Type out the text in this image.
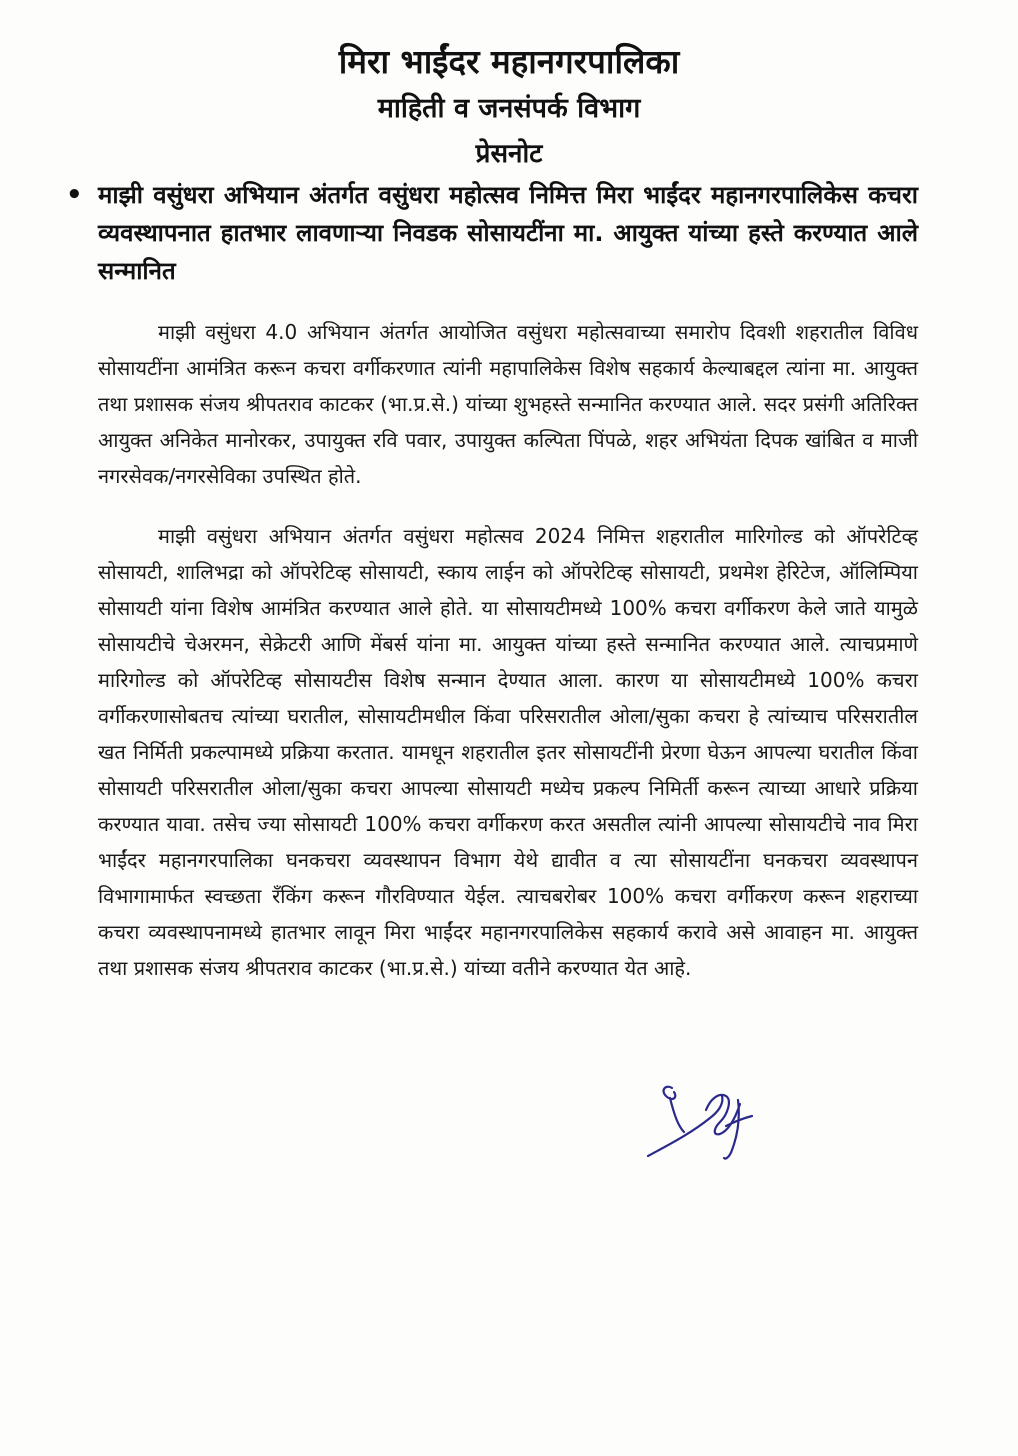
मिरा भाईंदर महानगरपालिका
माहिती व जनसंपर्क विभाग
प्रेसनोट
• माझी वसुंधरा अभियान अंतर्गत वसुंधरा महोत्सव निमित्त मिरा भाईंदर महानगरपालिकेस कचरा व्यवस्थापनात हातभार लावणाऱ्या निवडक सोसायटींना मा. आयुक्त यांच्या हस्ते करण्यात आले सन्मानित
माझी वसुंधरा 4.0 अभियान अंतर्गत आयोजित वसुंधरा महोत्सवाच्या समारोप दिवशी शहरातील विविध सोसायटींना आमंत्रित करून कचरा वर्गीकरणात त्यांनी महापालिकेस विशेष सहकार्य केल्याबद्दल त्यांना मा. आयुक्त तथा प्रशासक संजय श्रीपतराव काटकर (भा.प्र.से.) यांच्या शुभहस्ते सन्मानित करण्यात आले. सदर प्रसंगी अतिरिक्त आयुक्त अनिकेत मानोरकर, उपायुक्त रवि पवार, उपायुक्त कल्पिता पिंपळे, शहर अभियंता दिपक खांबित व माजी नगरसेवक/नगरसेविका उपस्थित होते.
माझी वसुंधरा अभियान अंतर्गत वसुंधरा महोत्सव 2024 निमित्त शहरातील मारिगोल्ड को ऑपरेटिव्ह सोसायटी, शालिभद्रा को ऑपरेटिव्ह सोसायटी, स्काय लाईन को ऑपरेटिव्ह सोसायटी, प्रथमेश हेरिटेज, ऑलिम्पिया सोसायटी यांना विशेष आमंत्रित करण्यात आले होते. या सोसायटीमध्ये 100% कचरा वर्गीकरण केले जाते यामुळे सोसायटीचे चेअरमन, सेक्रेटरी आणि मेंबर्स यांना मा. आयुक्त यांच्या हस्ते सन्मानित करण्यात आले. त्याचप्रमाणे मारिगोल्ड को ऑपरेटिव्ह सोसायटीस विशेष सन्मान देण्यात आला. कारण या सोसायटीमध्ये 100% कचरा वर्गीकरणासोबतच त्यांच्या घरातील, सोसायटीमधील किंवा परिसरातील ओला/सुका कचरा हे त्यांच्याच परिसरातील खत निर्मिती प्रकल्पामध्ये प्रक्रिया करतात. यामधून शहरातील इतर सोसायटींनी प्रेरणा घेऊन आपल्या घरातील किंवा सोसायटी परिसरातील ओला/सुका कचरा आपल्या सोसायटी मध्येच प्रकल्प निमिर्ती करून त्याच्या आधारे प्रक्रिया करण्यात यावा. तसेच ज्या सोसायटी 100% कचरा वर्गीकरण करत असतील त्यांनी आपल्या सोसायटीचे नाव मिरा भाईंदर महानगरपालिका घनकचरा व्यवस्थापन विभाग येथे द्यावीत व त्या सोसायटींना घनकचरा व्यवस्थापन विभागामार्फत स्वच्छता रँकिंग करून गौरविण्यात येईल. त्याचबरोबर 100% कचरा वर्गीकरण करून शहराच्या कचरा व्यवस्थापनामध्ये हातभार लावून मिरा भाईंदर महानगरपालिकेस सहकार्य करावे असे आवाहन मा. आयुक्त तथा प्रशासक संजय श्रीपतराव काटकर (भा.प्र.से.) यांच्या वतीने करण्यात येत आहे.
